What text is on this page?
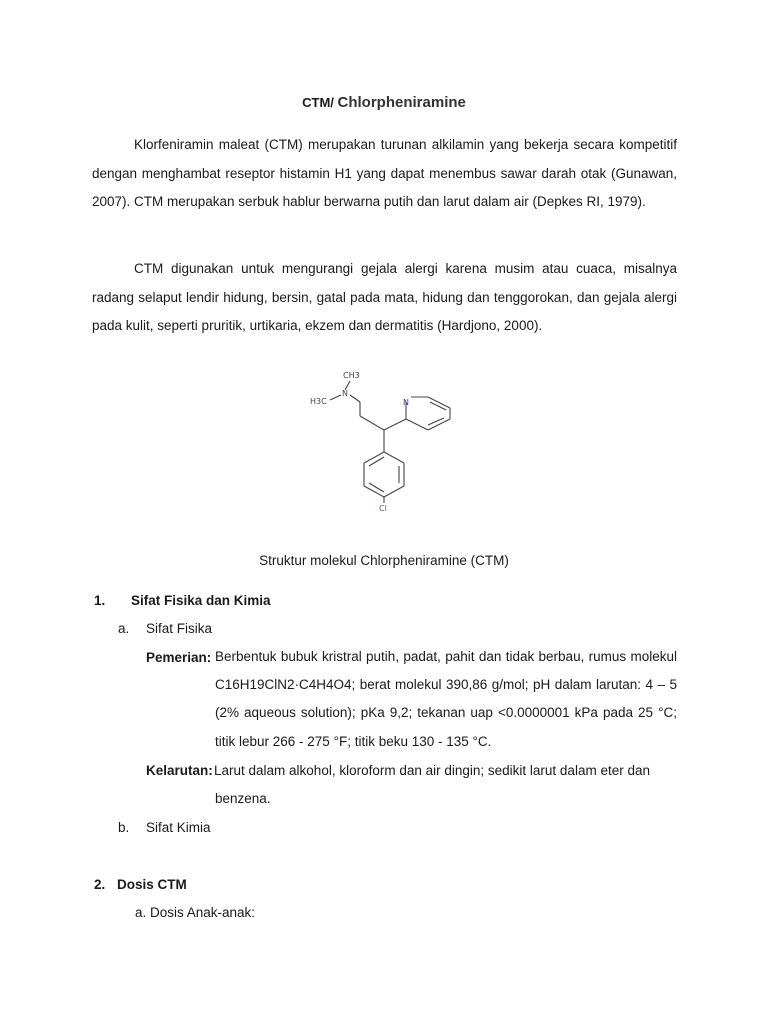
CTM/ Chlorpheniramine

Klorfeniramin maleat (CTM) merupakan turunan alkilamin yang bekerja secara kompetitif dengan menghambat reseptor histamin H1 yang dapat menembus sawar darah otak (Gunawan, 2007). CTM merupakan serbuk hablur berwarna putih dan larut dalam air (Depkes RI, 1979).

CTM digunakan untuk mengurangi gejala alergi karena musim atau cuaca, misalnya radang selaput lendir hidung, bersin, gatal pada mata, hidung dan tenggorokan, dan gejala alergi pada kulit, seperti pruritik, urtikaria, ekzem dan dermatitis (Hardjono, 2000).

CH3
H3C
N
N
Cl
Struktur molekul Chlorpheniramine (CTM)
1. Sifat Fisika dan Kimia
a. Sifat Fisika
Pemerian: Berbentuk bubuk kristral putih, padat, pahit dan tidak berbau, rumus molekul C16H19ClN2·C4H4O4; berat molekul 390,86 g/mol; pH dalam larutan: 4 – 5 (2% aqueous solution); pKa 9,2; tekanan uap <0.0000001 kPa pada 25 °C; titik lebur 266 - 275 °F; titik beku 130 - 135 °C.

Kelarutan: Larut dalam alkohol, kloroform dan air dingin; sedikit larut dalam eter dan
benzena.
b. Sifat Kimia
2. Dosis CTM
a. Dosis Anak-anak:
